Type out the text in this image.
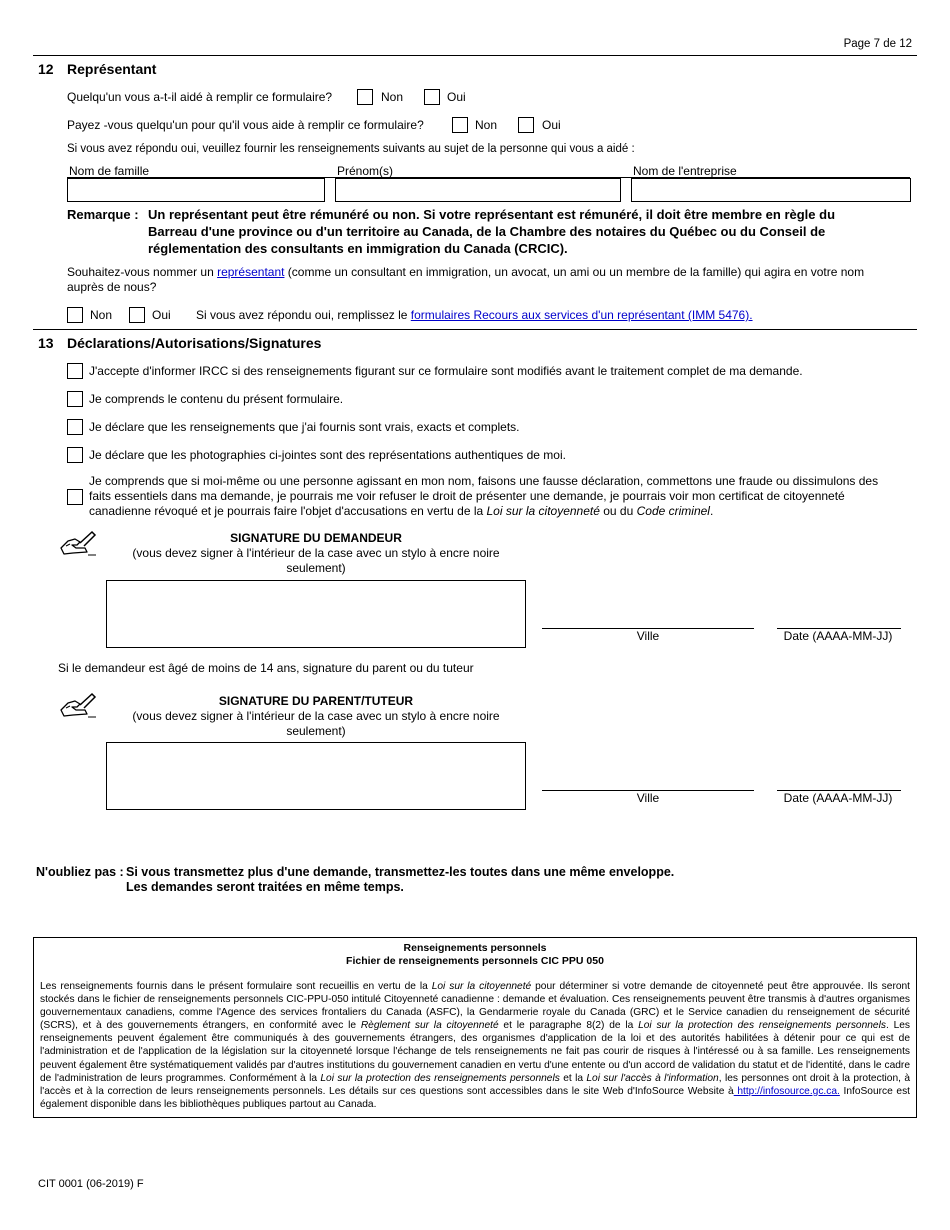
Page 7 de 12
12 Représentant
Quelqu'un vous a-t-il aidé à remplir ce formulaire?	Non	Oui
Payez -vous quelqu'un pour qu'il vous aide à remplir ce formulaire?	Non	Oui
Si vous avez répondu oui, veuillez fournir les renseignements suivants au sujet de la personne qui vous a aidé :
Nom de famille	Prénom(s)	Nom de l'entreprise
Remarque : Un représentant peut être rémunéré ou non. Si votre représentant est rémunéré, il doit être membre en règle du
Barreau d'une province ou d'un territoire au Canada, de la Chambre des notaires du Québec ou du Conseil de
réglementation des consultants en immigration du Canada (CRCIC).
Souhaitez-vous nommer un représentant (comme un consultant en immigration, un avocat, un ami ou un membre de la famille) qui agira en votre nom
auprès de nous?
Non	Oui Si vous avez répondu oui, remplissez le formulaires Recours aux services d'un représentant (IMM 5476).
13 Déclarations/Autorisations/Signatures
J'accepte d'informer IRCC si des renseignements figurant sur ce formulaire sont modifiés avant le traitement complet de ma demande.
Je comprends le contenu du présent formulaire.
Je déclare que les renseignements que j'ai fournis sont vrais, exacts et complets.
Je déclare que les photographies ci-jointes sont des représentations authentiques de moi.
Je comprends que si moi-même ou une personne agissant en mon nom, faisons une fausse déclaration, commettons une fraude ou dissimulons des
faits essentiels dans ma demande, je pourrais me voir refuser le droit de présenter une demande, je pourrais voir mon certificat de citoyenneté
canadienne révoqué et je pourrais faire l'objet d'accusations en vertu de la Loi sur la citoyenneté ou du Code criminel.
SIGNATURE DU DEMANDEUR
(vous devez signer à l'intérieur de la case avec un stylo à encre noire
seulement)
Ville	Date (AAAA-MM-JJ)
Si le demandeur est âgé de moins de 14 ans, signature du parent ou du tuteur
SIGNATURE DU PARENT/TUTEUR
(vous devez signer à l'intérieur de la case avec un stylo à encre noire
seulement)
Ville	Date (AAAA-MM-JJ)
N'oubliez pas : Si vous transmettez plus d'une demande, transmettez-les toutes dans une même enveloppe.
Les demandes seront traitées en même temps.
Renseignements personnels
Fichier de renseignements personnels CIC PPU 050
Les renseignements fournis dans le présent formulaire sont recueillis en vertu de la Loi sur la citoyenneté pour déterminer si votre demande de citoyenneté peut être approuvée. Ils seront stockés dans le fichier de renseignements personnels CIC-PPU-050 intitulé Citoyenneté canadienne : demande et évaluation. Ces renseignements peuvent être transmis à d'autres organismes gouvernementaux canadiens, comme l'Agence des services frontaliers du Canada (ASFC), la Gendarmerie royale du Canada (GRC) et le Service canadien du renseignement de sécurité (SCRS), et à des gouvernements étrangers, en conformité avec le Règlement sur la citoyenneté et le paragraphe 8(2) de la Loi sur la protection des renseignements personnels. Les renseignements peuvent également être communiqués à des gouvernements étrangers, des organismes d'application de la loi et des autorités habilitées à détenir pour ce qui est de l'administration et de l'application de la législation sur la citoyenneté lorsque l'échange de tels renseignements ne fait pas courir de risques à l'intéressé ou à sa famille. Les renseignements peuvent également être systématiquement validés par d'autres institutions du gouvernement canadien en vertu d'une entente ou d'un accord de validation du statut et de l'identité, dans le cadre de l'administration de leurs programmes. Conformément à la Loi sur la protection des renseignements personnels et la Loi sur l'accès à l'information, les personnes ont droit à la protection, à l'accès et à la correction de leurs renseignements personnels. Les détails sur ces questions sont accessibles dans le site Web d'InfoSource Website à http://infosource.gc.ca. InfoSource est également disponible dans les bibliothèques publiques partout au Canada.
CIT 0001 (06-2019) F
